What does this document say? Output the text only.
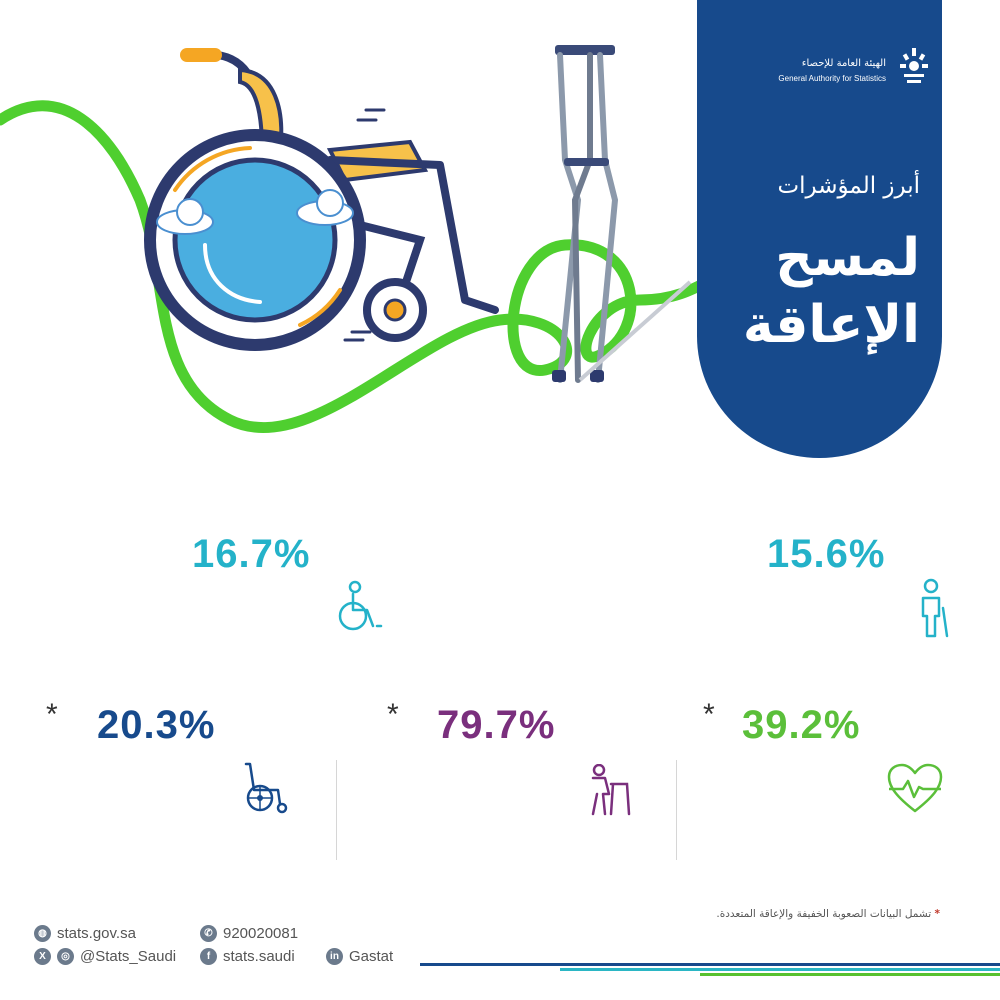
الهيئة العامة للإحصاء
General Authority for Statistics
أبرز المؤشرات
لمسح
الإعاقة
15.6%
16.7%
* 39.2%
* 79.7%
* 20.3%
* تشمل البيانات الصعوبة الخفيفة والإعاقة المتعددة.
◍ stats.gov.sa	✆ 920020081
X	◎ @Stats_Saudi	f stats.saudi	in Gastat
